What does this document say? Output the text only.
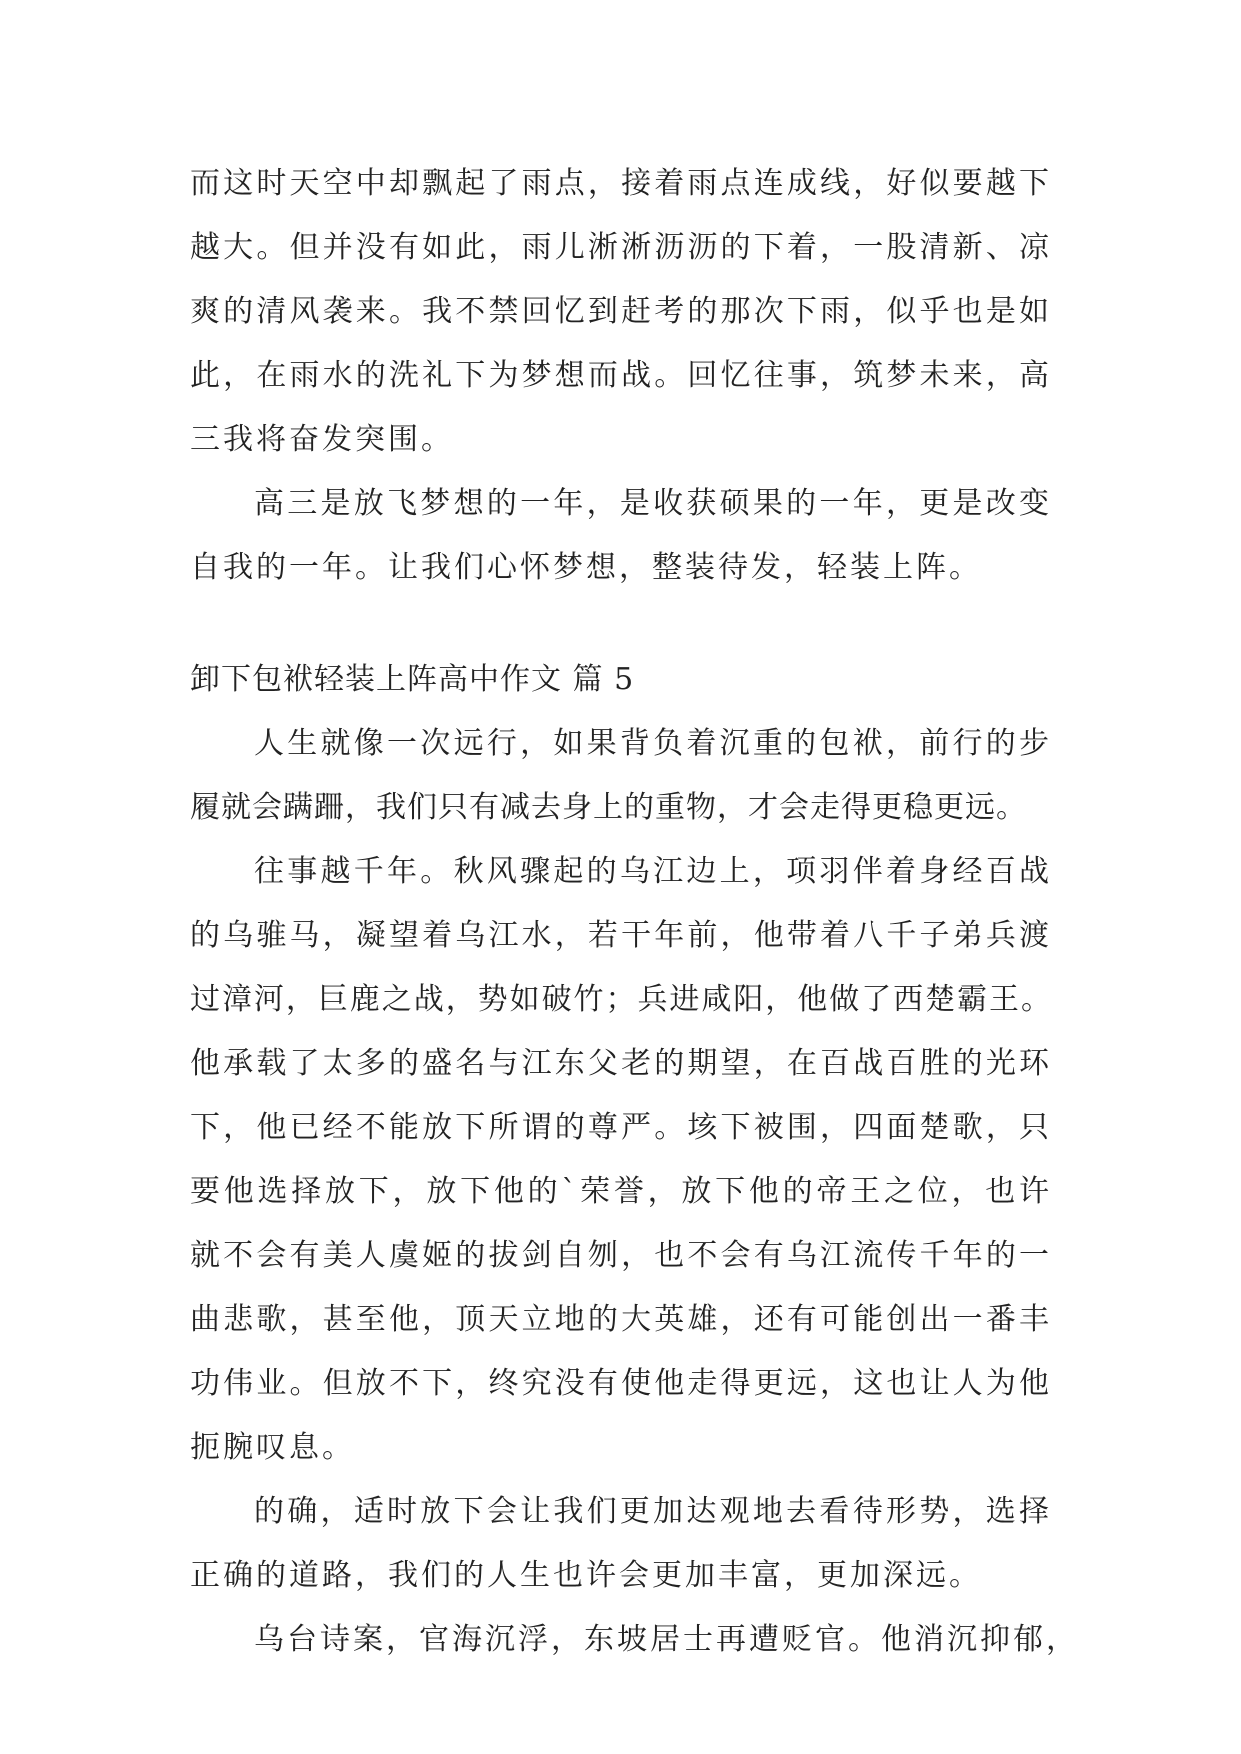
而这时天空中却飘起了雨点，接着雨点连成线，好似要越下
越大。但并没有如此，雨儿淅淅沥沥的下着，一股清新、凉
爽的清风袭来。我不禁回忆到赶考的那次下雨，似乎也是如
此，在雨水的洗礼下为梦想而战。回忆往事，筑梦未来，高
三我将奋发突围。
高三是放飞梦想的一年，是收获硕果的一年，更是改变
自我的一年。让我们心怀梦想，整装待发，轻装上阵。
卸下包袱轻装上阵高中作文 篇 5
人生就像一次远行，如果背负着沉重的包袱，前行的步
履就会蹒跚，我们只有减去身上的重物，才会走得更稳更远。
往事越千年。秋风骤起的乌江边上，项羽伴着身经百战
的乌骓马，凝望着乌江水，若干年前，他带着八千子弟兵渡
过漳河，巨鹿之战，势如破竹；兵进咸阳，他做了西楚霸王。
他承载了太多的盛名与江东父老的期望，在百战百胜的光环
下，他已经不能放下所谓的尊严。垓下被围，四面楚歌，只
要他选择放下，放下他的`荣誉，放下他的帝王之位，也许
就不会有美人虞姬的拔剑自刎，也不会有乌江流传千年的一
曲悲歌，甚至他，顶天立地的大英雄，还有可能创出一番丰
功伟业。但放不下，终究没有使他走得更远，这也让人为他
扼腕叹息。
的确，适时放下会让我们更加达观地去看待形势，选择
正确的道路，我们的人生也许会更加丰富，更加深远。
乌台诗案，官海沉浮，东坡居士再遭贬官。他消沉抑郁，
